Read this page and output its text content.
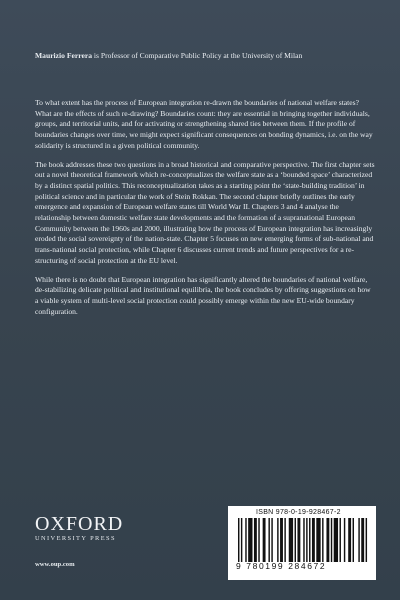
Maurizio Ferrera is Professor of Comparative Public Policy at the University of Milan

To what extent has the process of European integration re-drawn the boundaries of national welfare states? What are the effects of such re-drawing? Boundaries count: they are essential in bringing together individuals, groups, and territorial units, and for activating or strengthening shared ties between them. If the profile of boundaries changes over time, we might expect significant consequences on bonding dynamics, i.e. on the way solidarity is structured in a given political community.

The book addresses these two questions in a broad historical and comparative perspective. The first chapter sets out a novel theoretical framework which re-conceptualizes the welfare state as a ‘bounded space’ characterized by a distinct spatial politics. This reconceptualization takes as a starting point the ‘state-building tradition’ in political science and in particular the work of Stein Rokkan. The second chapter briefly outlines the early emergence and expansion of European welfare states till World War II. Chapters 3 and 4 analyse the relationship between domestic welfare state developments and the formation of a supranational European Community between the 1960s and 2000, illustrating how the process of European integration has increasingly eroded the social sovereignty of the nation-state. Chapter 5 focuses on new emerging forms of sub-national and trans-national social protection, while Chapter 6 discusses current trends and future perspectives for a re-structuring of social protection at the EU level.

While there is no doubt that European integration has significantly altered the boundaries of national welfare, de-stabilizing delicate political and institutional equilibria, the book concludes by offering suggestions on how a viable system of multi-level social protection could possibly emerge within the new EU-wide boundary configuration.

OXFORD
UNIVERSITY PRESS
www.oup.com
ISBN 978-0-19-928467-2
9 780199 284672
